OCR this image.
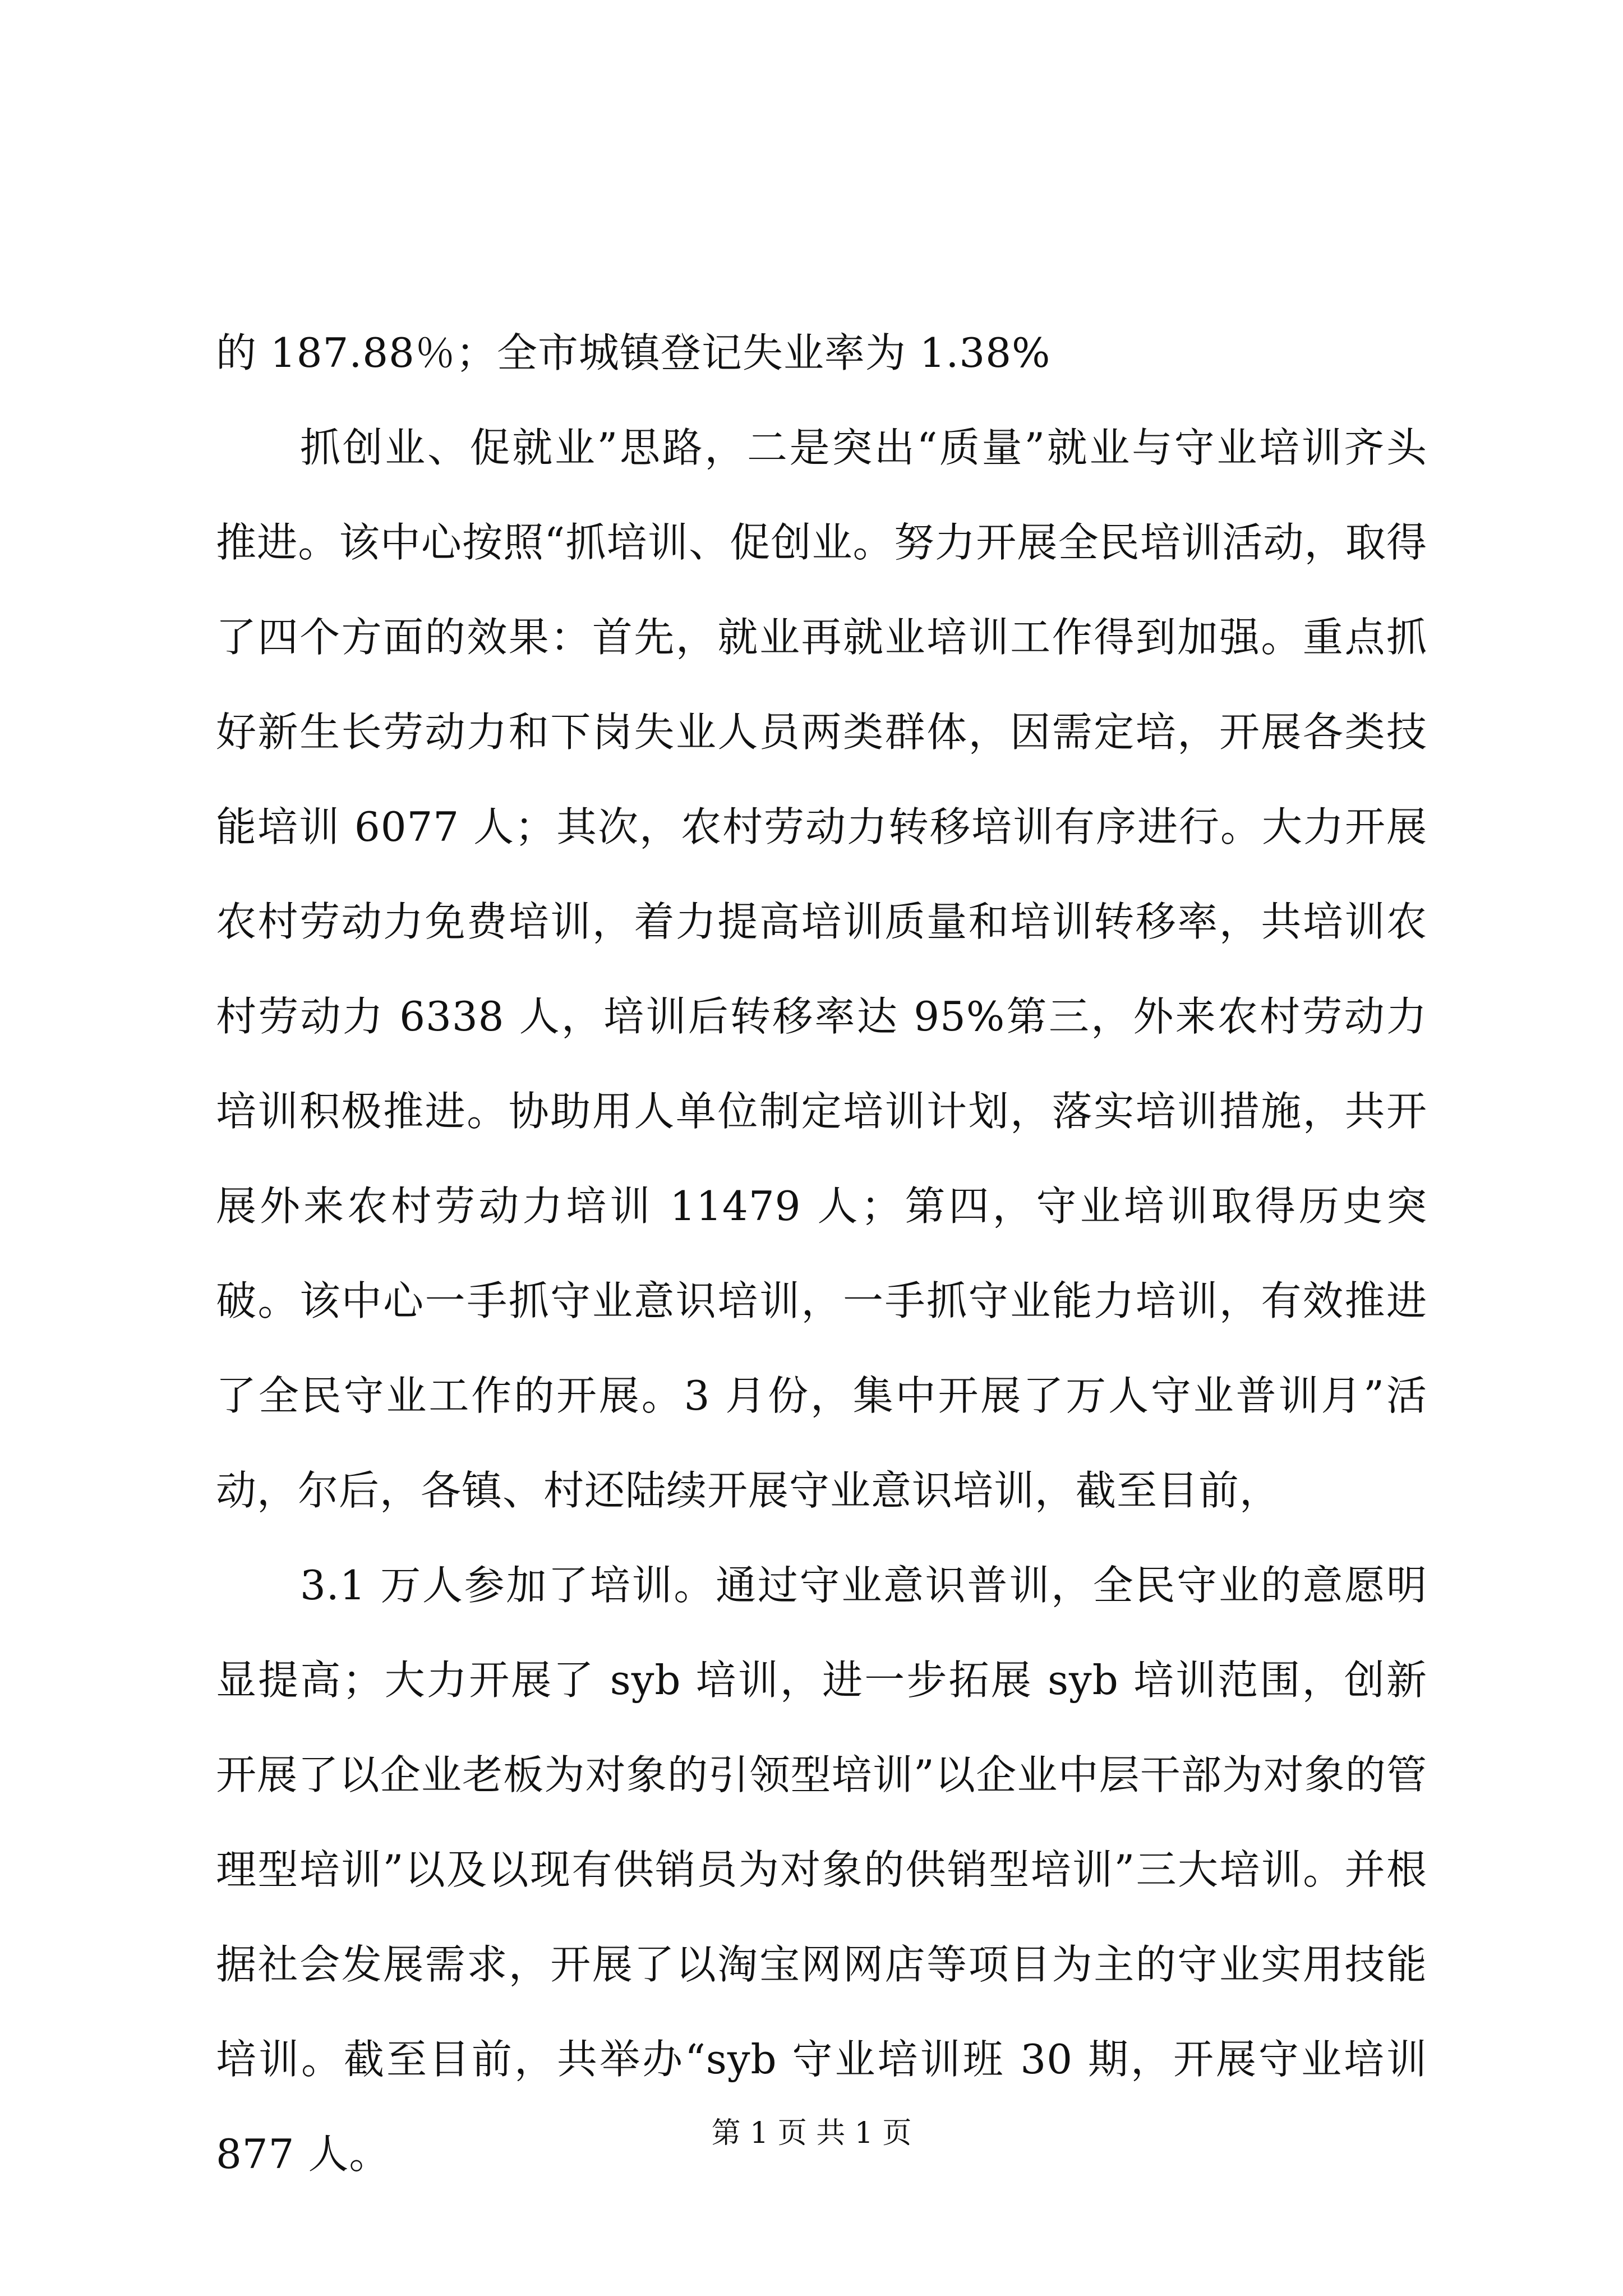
的 187.88％；全市城镇登记失业率为 1.38%

抓创业、促就业”思路，二是突出“质量”就业与守业培训齐头推进。该中心按照“抓培训、促创业。努力开展全民培训活动，取得了四个方面的效果：首先，就业再就业培训工作得到加强。重点抓好新生长劳动力和下岗失业人员两类群体，因需定培，开展各类技能培训 6077 人；其次，农村劳动力转移培训有序进行。大力开展农村劳动力免费培训，着力提高培训质量和培训转移率，共培训农村劳动力 6338 人，培训后转移率达 95%第三，外来农村劳动力培训积极推进。协助用人单位制定培训计划，落实培训措施，共开展外来农村劳动力培训 11479 人；第四，守业培训取得历史突破。该中心一手抓守业意识培训，一手抓守业能力培训，有效推进了全民守业工作的开展。3 月份，集中开展了万人守业普训月”活动，尔后，各镇、村还陆续开展守业意识培训，截至目前，

3.1 万人参加了培训。通过守业意识普训，全民守业的意愿明显提高；大力开展了 syb 培训，进一步拓展 syb 培训范围，创新开展了以企业老板为对象的引领型培训”以企业中层干部为对象的管理型培训”以及以现有供销员为对象的供销型培训”三大培训。并根据社会发展需求，开展了以淘宝网网店等项目为主的守业实用技能培训。截至目前，共举办“syb 守业培训班 30 期，开展守业培训 877 人。	第 1 页 共 1 页
